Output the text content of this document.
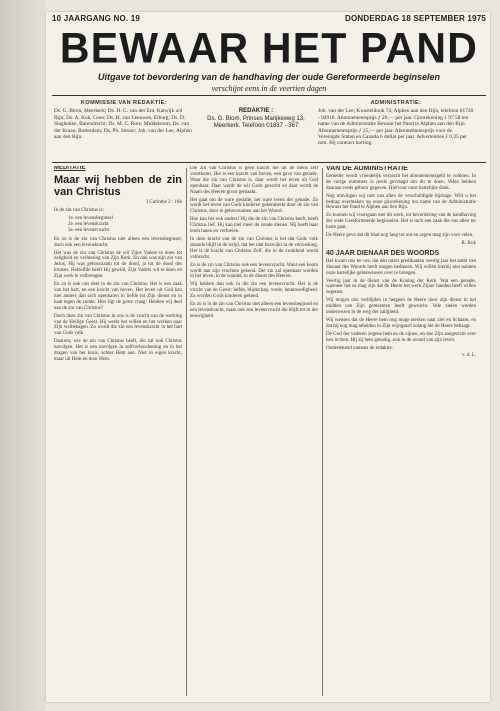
10 JAARGANG NO. 19	DONDERDAG 18 SEPTEMBER 1975
BEWAAR HET PAND
Uitgave tot bevordering van de handhaving der oude Gereformeerde beginselen
verschijnt eens in de veertien dagen
KOMMISSIE VAN REDAKTIE:
Ds. G. Blom, Meerkerk; Ds. H. C. van der Ent, Katwijk a/d Rijn; Ds. A. Kok, Goes; Ds. H. van Leeuwen, Elburg; Ds. D. Slaghekke, Barendrecht; Ds. M. C. Rote, Middelstum; Ds. van der Kraan, Rotterdam; Ds. Ph. Smoor; Joh. van der Lee, Alphen aan den Rijn.
REDAKTIE :
Ds. G. Blom, Prinses Marijkeweg 13, Meerkerk. Telefoon 01837 - 367
ADMINISTRATIE:
Joh. van der Lee, Kwarteldonk 74, Alphen aan den Rijn, telefoon 01720 - 94918. Abonnementsprijs ƒ 20,— per jaar. Girorekening 1 97 58 ten name van de Administratie Bewaar het Pand te Alphen aan den Rijn. Abonnementsprijs ƒ 25,— per jaar. Abonnementsprijs voor de Verenigde Staten en Canada 6 dollar per jaar. Advertenties ƒ 0,35 per mm. Bij contract korting.
MEDITATIE
Maar wij hebben de zin van Christus
I Corinthe 2 : 16b

In de zin van Christus is:

1e. een levensbeginsel
2e. een levenskracht
3e. een levensvrucht.

En zo is de zin van Christus niet alleen een levensbeginsel, doch ook een levenskracht.

Het was de zin van Christus de wil Zijns Vaders te doen tot zaligheid en verlossing van Zijn Kerk. En dan was zijn zin van Jezus, Hij was gehoorzaam tot de dood, ja tot de dood des kruises. Hetzelfde heeft Hij gewild, Zijn Vaders wil te doen en Zijn werk te volbrengen.

En zo is ook ons deel in de zin van Christus. Het is een zaak van het hart, en een kracht van boven. Het leven uit God kan niet anders dan zich openbaren in liefde tot Zijn dienst en in haat tegen de zonde. Hier ligt de grote vraag: Hebben wij deel aan de zin van Christus?

Doch deze zin van Christus in ons is de vrucht van de werking van de Heilige Geest. Hij werkt het willen en het werken naar Zijn welbehagen. Zo wordt die zin een levenskracht in het hart van Gods volk.

Daarom, wie de zin van Christus heeft, die zal ook Christus navolgen. Het is een navolgen in zelfverloochening en in het dragen van het kruis, achter Hem aan. Niet in eigen kracht, maar uit Hem en door Hem.

Die zin van Christus is geen kracht die uit de mens zelf voortkomt. Het is een kracht van boven, een gave van genade. Waar die zin van Christus is, daar wordt het leven uit God openbaar. Daar wordt de wil Gods gezocht en daar wordt de Naam des Heeren groot gemaakt.

Het gaat om de ware gestalte, het ware leven der genade. Zo wordt het leven van Gods kinderen gekenmerkt door de zin van Christus, door te gehoorzamen aan het Woord.

Hoe kan het ook anders! Hij die de zin van Christus heeft, heeft Christus lief. Hij kan niet meer de zonde dienen. Hij heeft haar leren haten en verfoeien.

In deze kracht van de zin van Christus is het dat Gods volk staande blijft in de strijd, dat het niet bezwijkt in de verzoeking. Het is de kracht van Christus Zelf, die in de zwakheid wordt volbracht.

Zo is de zin van Christus ook een levensvrucht. Want een boom wordt aan zijn vruchten gekend. Die zin zal openbaar worden in het leven, in de wandel, in de dienst des Heeren.

Wij hebben dan ook in die zin een levensvrucht. Het is de vrucht van de Geest: liefde, blijdschap, vrede, lankmoedigheid. Zo worden Gods kinderen gekend.

En zo is in de zin van Christus niet alleen een levensbeginsel en een levenskracht, maar ook een levensvrucht die blijft tot in der eeuwigheid.

VAN DE ADMINISTRATIE

Eenieder wordt vriendelijk verzocht het abonnementsgeld te voldoen. In de vorige nummers is reeds gevraagd om dit te doen. Velen hebben daaraan reeds gehoor gegeven. Hiervoor onze hartelijke dank.

Nog ontvingen wij niet van allen de verschuldigde bijdrage. Wilt u het bedrag overmaken op onze girorekening ten name van de Administratie Bewaar het Pand te Alphen aan den Rijn.

Zo kunnen wij voortgaan met dit werk, tot bevordering van de handhaving der oude Gereformeerde beginselen. Het is toch een zaak die ons allen ter harte gaat.

De Heere geve dat dit blad nog lang tot nut en zegen mag zijn voor velen.

R. Kok
40 JAAR DIENAAR DES WOORDS

Het kwam ons ter ore, dat één onzer predikanten veertig jaar het ambt van dienaar des Woords heeft mogen bedienen. Wij willen hierbij niet nalaten onze hartelijke gelukwensen over te brengen.

Veertig jaar in de dienst van de Koning der Kerk. Wat een genade, wanneer het zo mag zijn dat de Heere het werk Zijner handen heeft willen zegenen.

Wij mogen ons verblijden in hetgeen de Heere door zijn dienst in het midden van Zijn gemeenten heeft gewrocht. Vele zielen werden onderwezen in de weg der zaligheid.

Wij wensen dat de Heere hem nog moge sterken naar ziel en lichaam, en dat hij nog mag arbeiden in Zijn wijngaard zolang het de Heere behaagt.

De God der vaderen zegene hem en de zijnen, en doe Zijn aangezicht over hen lichten. Hij zij hem genadig, ook in de avond van zijn leven.

Ondertekend namens de redaktie.

v. d. L.
